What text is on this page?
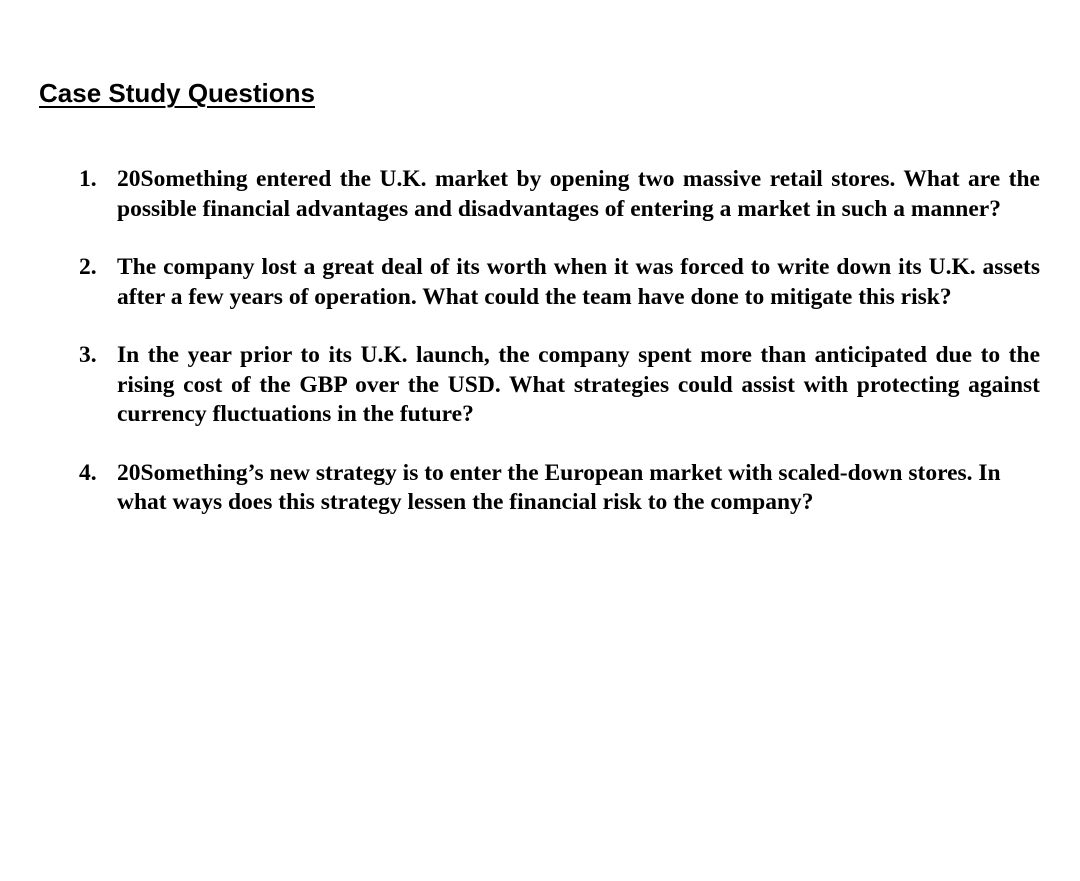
Case Study Questions
1. 20Something entered the U.K. market by opening two massive retail stores. What are the possible financial advantages and disadvantages of entering a market in such a manner?
2. The company lost a great deal of its worth when it was forced to write down its U.K. assets after a few years of operation. What could the team have done to mitigate this risk?
3. In the year prior to its U.K. launch, the company spent more than anticipated due to the rising cost of the GBP over the USD. What strategies could assist with protecting against currency fluctuations in the future?
4. 20Something’s new strategy is to enter the European market with scaled-down stores. In what ways does this strategy lessen the financial risk to the company?
